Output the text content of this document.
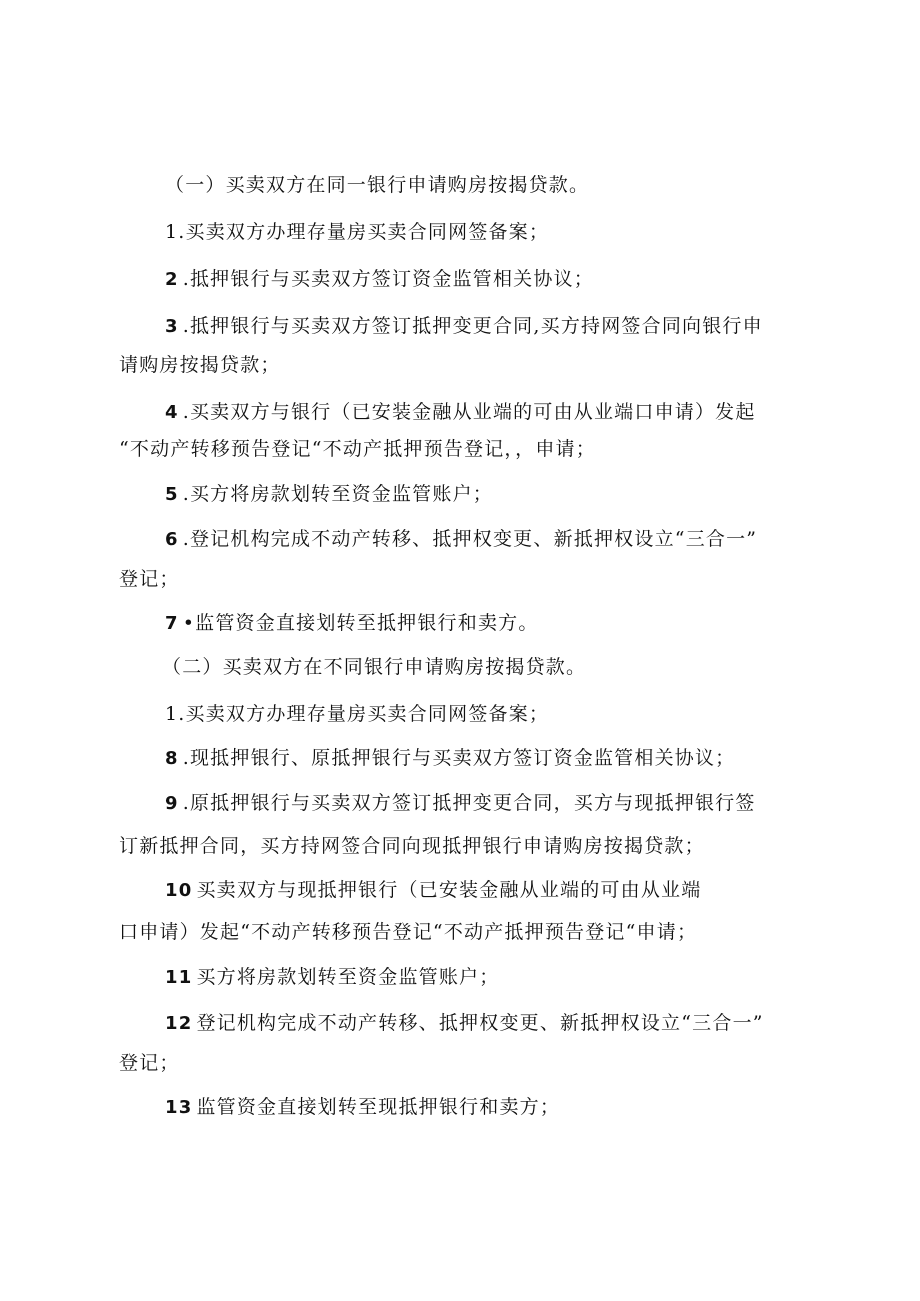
（一）买卖双方在同一银行申请购房按揭贷款。
1.买卖双方办理存量房买卖合同网签备案；
2 .抵押银行与买卖双方签订资金监管相关协议；
3 .抵押银行与买卖双方签订抵押变更合同,买方持网签合同向银行申
请购房按揭贷款；
4 .买卖双方与银行（已安装金融从业端的可由从业端口申请）发起
“不动产转移预告登记“不动产抵押预告登记，，申请；
5 .买方将房款划转至资金监管账户；
6 .登记机构完成不动产转移、抵押权变更、新抵押权设立“三合一”
登记；
7 •监管资金直接划转至抵押银行和卖方。
（二）买卖双方在不同银行申请购房按揭贷款。
1.买卖双方办理存量房买卖合同网签备案；
8 .现抵押银行、原抵押银行与买卖双方签订资金监管相关协议；
9 .原抵押银行与买卖双方签订抵押变更合同，买方与现抵押银行签
订新抵押合同，买方持网签合同向现抵押银行申请购房按揭贷款；
10 买卖双方与现抵押银行（已安装金融从业端的可由从业端
口申请）发起“不动产转移预告登记“不动产抵押预告登记“申请；
11 买方将房款划转至资金监管账户；
12 登记机构完成不动产转移、抵押权变更、新抵押权设立“三合一”
登记；
13 监管资金直接划转至现抵押银行和卖方；
